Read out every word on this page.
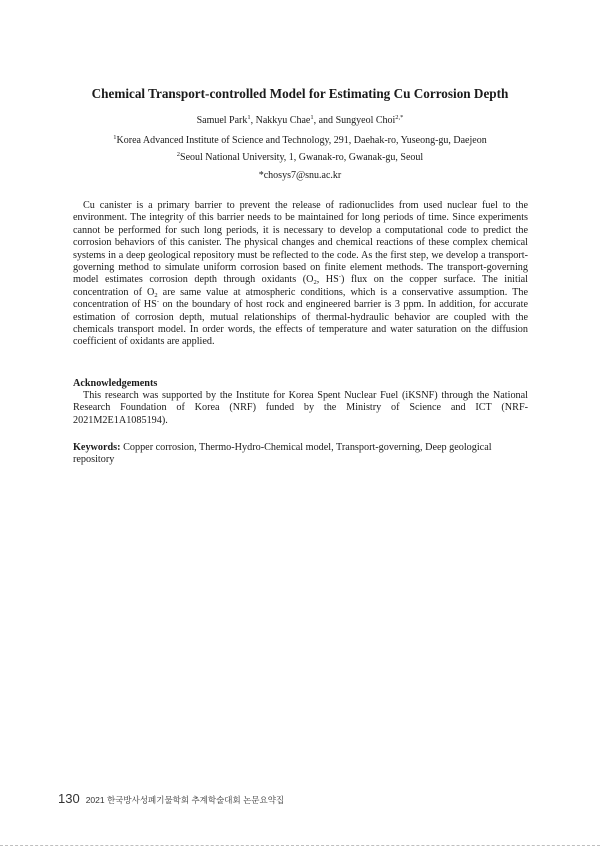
Chemical Transport-controlled Model for Estimating Cu Corrosion Depth
Samuel Park$^1$, Nakkyu Chae$^1$, and Sungyeol Choi$^{2,*}$
$^1$Korea Advanced Institute of Science and Technology, 291, Daehak-ro, Yuseong-gu, Daejeon
$^2$Seoul National University, 1, Gwanak-ro, Gwanak-gu, Seoul
*chosys7@snu.ac.kr

Cu canister is a primary barrier to prevent the release of radionuclides from used nuclear fuel to the environment. The integrity of this barrier needs to be maintained for long periods of time. Since experiments cannot be performed for such long periods, it is necessary to develop a computational code to predict the corrosion behaviors of this canister. The physical changes and chemical reactions of these complex chemical systems in a deep geological repository must be reflected to the code. As the first step, we develop a transport-governing method to simulate uniform corrosion based on finite element methods. The transport-governing model estimates corrosion depth through oxidants ($O_2$, HS-) flux on the copper surface. The initial concentration of $O_2$ are same value at atmospheric conditions, which is a conservative assumption. The concentration of HS- on the boundary of host rock and engineered barrier is 3 ppm. In addition, for accurate estimation of corrosion depth, mutual relationships of thermal-hydraulic behavior are coupled with the chemicals transport model. In order words, the effects of temperature and water saturation on the diffusion coefficient of oxidants are applied.

Acknowledgements

This research was supported by the Institute for Korea Spent Nuclear Fuel (iKSNF) through the National Research Foundation of Korea (NRF) funded by the Ministry of Science and ICT (NRF-2021M2E1A1085194).

Keywords: Copper corrosion, Thermo-Hydro-Chemical model, Transport-governing, Deep geological repository

130 2021 한국방사성폐기물학회 추계학술대회 논문요약집
